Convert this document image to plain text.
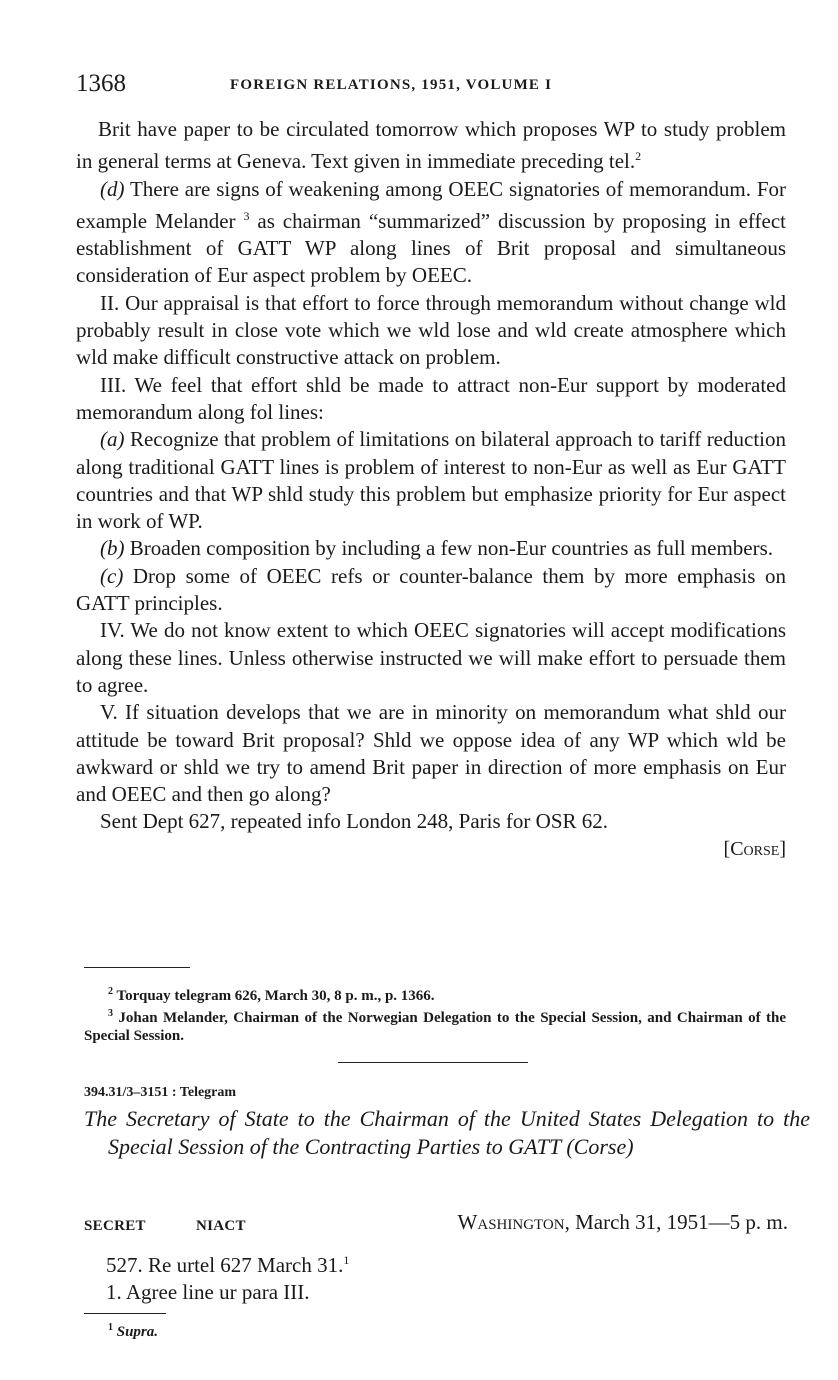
1368	FOREIGN RELATIONS, 1951, VOLUME I

Brit have paper to be circulated tomorrow which proposes WP to study problem in general terms at Geneva. Text given in immediate preceding tel.$^2$

(d) There are signs of weakening among OEEC signatories of memorandum. For example Melander $^3$ as chairman “summarized” discussion by proposing in effect establishment of GATT WP along lines of Brit proposal and simultaneous consideration of Eur aspect problem by OEEC.

II. Our appraisal is that effort to force through memorandum without change wld probably result in close vote which we wld lose and wld create atmosphere which wld make difficult constructive attack on problem.

III. We feel that effort shld be made to attract non-Eur support by moderated memorandum along fol lines:

(a) Recognize that problem of limitations on bilateral approach to tariff reduction along traditional GATT lines is problem of interest to non-Eur as well as Eur GATT countries and that WP shld study this problem but emphasize priority for Eur aspect in work of WP.

(b) Broaden composition by including a few non-Eur countries as full members.

(c) Drop some of OEEC refs or counter-balance them by more emphasis on GATT principles.

IV. We do not know extent to which OEEC signatories will accept modifications along these lines. Unless otherwise instructed we will make effort to persuade them to agree.

V. If situation develops that we are in minority on memorandum what shld our attitude be toward Brit proposal? Shld we oppose idea of any WP which wld be awkward or shld we try to amend Brit paper in direction of more emphasis on Eur and OEEC and then go along?

Sent Dept 627, repeated info London 248, Paris for OSR 62.

[Corse]

$^2$ Torquay telegram 626, March 30, 8 p. m., p. 1366.

$^3$ Johan Melander, Chairman of the Norwegian Delegation to the Special Session, and Chairman of the Special Session.

394.31/3–3151 : Telegram
The Secretary of State to the Chairman of the United States Delegation to the Special Session of the Contracting Parties to GATT (Corse)
SECRET	NIACT	Washington, March 31, 1951—5 p. m.

527. Re urtel 627 March 31.$^1$

1. Agree line ur para III.

$^1$ Supra.
